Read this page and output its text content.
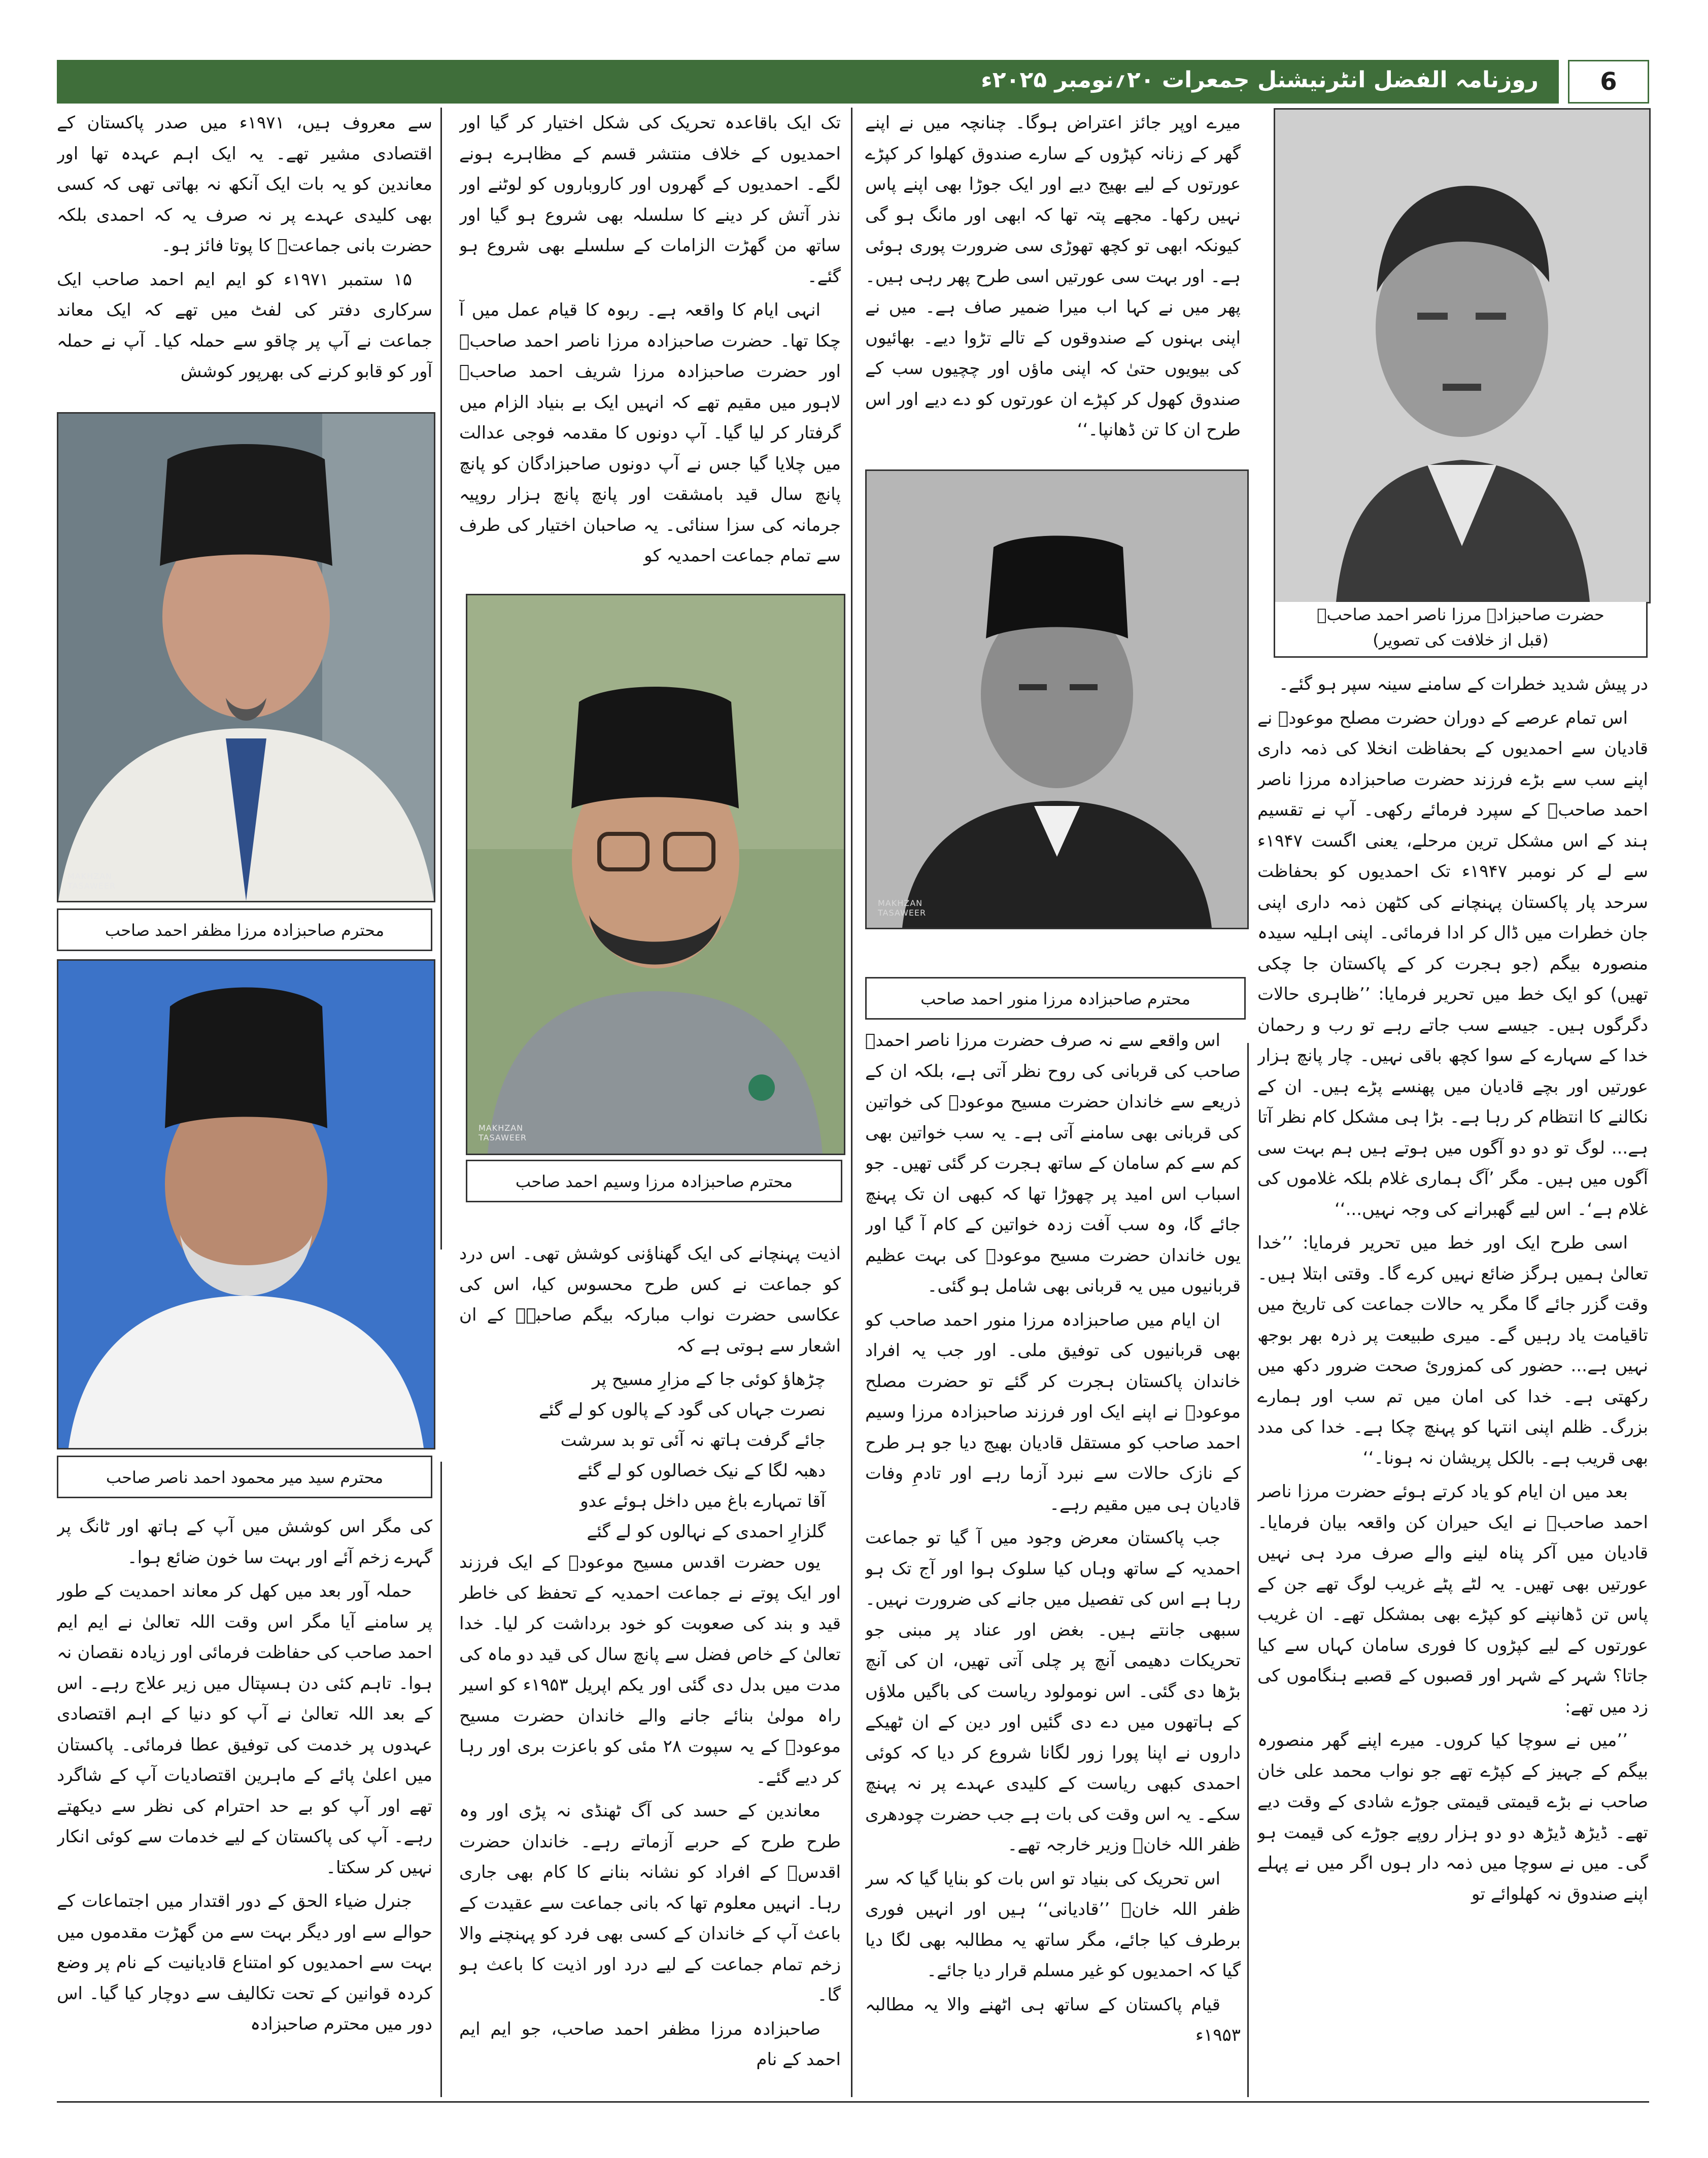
روزنامہ الفضل انٹرنیشنل جمعرات ۲۰؍نومبر ۲۰۲۵ء	6
حضرت صاحبزادہ مرزا ناصر احمد صاحبؒ
(قبل از خلافت کی تصویر)

در پیش شدید خطرات کے سامنے سینہ سپر ہو گئے۔

اس تمام عرصے کے دوران حضرت مصلح موعودؓ نے قادیان سے احمدیوں کے بحفاظت انخلا کی ذمہ داری اپنے سب سے بڑے فرزند حضرت صاحبزادہ مرزا ناصر احمد صاحبؒ کے سپرد فرمائے رکھی۔ آپ نے تقسیم ہند کے اس مشکل ترین مرحلے، یعنی اگست ۱۹۴۷ء سے لے کر نومبر ۱۹۴۷ء تک احمدیوں کو بحفاظت سرحد پار پاکستان پہنچانے کی کٹھن ذمہ داری اپنی جان خطرات میں ڈال کر ادا فرمائی۔ اپنی اہلیہ سیدہ منصورہ بیگم (جو ہجرت کر کے پاکستان جا چکی تھیں) کو ایک خط میں تحریر فرمایا: ’’ظاہری حالات دگرگوں ہیں۔ جیسے سب جاتے رہے تو رب و رحمان خدا کے سہارے کے سوا کچھ باقی نہیں۔ چار پانچ ہزار عورتیں اور بچے قادیان میں پھنسے پڑے ہیں۔ ان کے نکالنے کا انتظام کر رہا ہے۔ بڑا ہی مشکل کام نظر آتا ہے... لوگ تو دو دو آگوں میں ہوتے ہیں ہم بہت سی آگوں میں ہیں۔ مگر ’آگ ہماری غلام بلکہ غلاموں کی غلام ہے‘۔ اس لیے گھبرانے کی وجہ نہیں...‘‘

اسی طرح ایک اور خط میں تحریر فرمایا: ’’خدا تعالیٰ ہمیں ہرگز ضائع نہیں کرے گا۔ وقتی ابتلا ہیں۔ وقت گزر جائے گا مگر یہ حالات جماعت کی تاریخ میں تاقیامت یاد رہیں گے۔ میری طبیعت پر ذرہ بھر بوجھ نہیں ہے... حضور کی کمزوریٔ صحت ضرور دکھ میں رکھتی ہے۔ خدا کی امان میں تم سب اور ہمارے بزرگ۔ ظلم اپنی انتہا کو پہنچ چکا ہے۔ خدا کی مدد بھی قریب ہے۔ بالکل پریشان نہ ہونا۔‘‘

بعد میں ان ایام کو یاد کرتے ہوئے حضرت مرزا ناصر احمد صاحبؒ نے ایک حیران کن واقعہ بیان فرمایا۔ قادیان میں آکر پناہ لینے والے صرف مرد ہی نہیں عورتیں بھی تھیں۔ یہ لٹے پٹے غریب لوگ تھے جن کے پاس تن ڈھانپنے کو کپڑے بھی بمشکل تھے۔ ان غریب عورتوں کے لیے کپڑوں کا فوری سامان کہاں سے کیا جاتا؟ شہر کے شہر اور قصبوں کے قصبے ہنگاموں کی زد میں تھے:

’’میں نے سوچا کیا کروں۔ میرے اپنے گھر منصورہ بیگم کے جہیز کے کپڑے تھے جو نواب محمد علی خان صاحب نے بڑے قیمتی قیمتی جوڑے شادی کے وقت دیے تھے۔ ڈیڑھ ڈیڑھ دو دو ہزار روپے جوڑے کی قیمت ہو گی۔ میں نے سوچا میں ذمہ دار ہوں اگر میں نے پہلے اپنے صندوق نہ کھلوائے تو

میرے اوپر جائز اعتراض ہوگا۔ چنانچہ میں نے اپنے گھر کے زنانہ کپڑوں کے سارے صندوق کھلوا کر کپڑے عورتوں کے لیے بھیج دیے اور ایک جوڑا بھی اپنے پاس نہیں رکھا۔ مجھے پتہ تھا کہ ابھی اور مانگ ہو گی کیونکہ ابھی تو کچھ تھوڑی سی ضرورت پوری ہوئی ہے۔ اور بہت سی عورتیں اسی طرح پھر رہی ہیں۔ پھر میں نے کہا اب میرا ضمیر صاف ہے۔ میں نے اپنی بہنوں کے صندوقوں کے تالے تڑوا دیے۔ بھائیوں کی بیویوں حتیٰ کہ اپنی ماؤں اور چچیوں سب کے صندوق کھول کر کپڑے ان عورتوں کو دے دیے اور اس طرح ان کا تن ڈھانپا۔‘‘

MAKHZAN
TASAWEER
محترم صاحبزادہ مرزا منور احمد صاحب

اس واقعے سے نہ صرف حضرت مرزا ناصر احمدؒ صاحب کی قربانی کی روح نظر آتی ہے، بلکہ ان کے ذریعے سے خاندان حضرت مسیح موعودؑ کی خواتین کی قربانی بھی سامنے آتی ہے۔ یہ سب خواتین بھی کم سے کم سامان کے ساتھ ہجرت کر گئی تھیں۔ جو اسباب اس امید پر چھوڑا تھا کہ کبھی ان تک پہنچ جائے گا، وہ سب آفت زدہ خواتین کے کام آ گیا اور یوں خاندان حضرت مسیح موعودؑ کی بہت عظیم قربانیوں میں یہ قربانی بھی شامل ہو گئی۔

ان ایام میں صاحبزادہ مرزا منور احمد صاحب کو بھی قربانیوں کی توفیق ملی۔ اور جب یہ افراد خاندان پاکستان ہجرت کر گئے تو حضرت مصلح موعودؓ نے اپنے ایک اور فرزند صاحبزادہ مرزا وسیم احمد صاحب کو مستقل قادیان بھیج دیا جو ہر طرح کے نازک حالات سے نبرد آزما رہے اور تادمِ وفات قادیان ہی میں مقیم رہے۔

جب پاکستان معرض وجود میں آ گیا تو جماعت احمدیہ کے ساتھ وہاں کیا سلوک ہوا اور آج تک ہو رہا ہے اس کی تفصیل میں جانے کی ضرورت نہیں۔ سبھی جانتے ہیں۔ بغض اور عناد پر مبنی جو تحریکات دھیمی آنچ پر چلی آتی تھیں، ان کی آنچ بڑھا دی گئی۔ اس نومولود ریاست کی باگیں ملاؤں کے ہاتھوں میں دے دی گئیں اور دین کے ان ٹھیکے داروں نے اپنا پورا زور لگانا شروع کر دیا کہ کوئی احمدی کبھی ریاست کے کلیدی عہدے پر نہ پہنچ سکے۔ یہ اس وقت کی بات ہے جب حضرت چودھری ظفر اللہ خانؓ وزیر خارجہ تھے۔

اس تحریک کی بنیاد تو اس بات کو بنایا گیا کہ سر ظفر اللہ خانؓ ’’قادیانی‘‘ ہیں اور انہیں فوری برطرف کیا جائے، مگر ساتھ یہ مطالبہ بھی لگا دیا گیا کہ احمدیوں کو غیر مسلم قرار دیا جائے۔

قیام پاکستان کے ساتھ ہی اٹھنے والا یہ مطالبہ ۱۹۵۳ء

تک ایک باقاعدہ تحریک کی شکل اختیار کر گیا اور احمدیوں کے خلاف منتشر قسم کے مظاہرے ہونے لگے۔ احمدیوں کے گھروں اور کاروباروں کو لوٹنے اور نذر آتش کر دینے کا سلسلہ بھی شروع ہو گیا اور ساتھ من گھڑت الزامات کے سلسلے بھی شروع ہو گئے۔

انہی ایام کا واقعہ ہے۔ ربوہ کا قیام عمل میں آ چکا تھا۔ حضرت صاحبزادہ مرزا ناصر احمد صاحبؒ اور حضرت صاحبزادہ مرزا شریف احمد صاحبؓ لاہور میں مقیم تھے کہ انہیں ایک بے بنیاد الزام میں گرفتار کر لیا گیا۔ آپ دونوں کا مقدمہ فوجی عدالت میں چلایا گیا جس نے آپ دونوں صاحبزادگان کو پانچ پانچ سال قید بامشقت اور پانچ پانچ ہزار روپیہ جرمانہ کی سزا سنائی۔ یہ صاحبان اختیار کی طرف سے تمام جماعت احمدیہ کو

MAKHZAN
TASAWEER
محترم صاحبزادہ مرزا وسیم احمد صاحب

اذیت پہنچانے کی ایک گھناؤنی کوشش تھی۔ اس درد کو جماعت نے کس طرح محسوس کیا، اس کی عکاسی حضرت نواب مبارکہ بیگم صاحبہؓ کے ان اشعار سے ہوتی ہے کہ

چڑھاؤ کوئی جا کے مزارِ مسیح پر
نصرت جہاں کی گود کے پالوں کو لے گئے
جائے گرفت ہاتھ نہ آئی تو بد سرشت
دھبہ لگا کے نیک خصالوں کو لے گئے
آقا تمہارے باغ میں داخل ہوئے عدو
گلزارِ احمدی کے نہالوں کو لے گئے

یوں حضرت اقدس مسیح موعودؑ کے ایک فرزند اور ایک پوتے نے جماعت احمدیہ کے تحفظ کی خاطر قید و بند کی صعوبت کو خود برداشت کر لیا۔ خدا تعالیٰ کے خاص فضل سے پانچ سال کی قید دو ماہ کی مدت میں بدل دی گئی اور یکم اپریل ۱۹۵۳ء کو اسیر راہ مولیٰ بنائے جانے والے خاندان حضرت مسیح موعودؑ کے یہ سپوت ۲۸ مئی کو باعزت بری اور رہا کر دیے گئے۔

معاندین کے حسد کی آگ ٹھنڈی نہ پڑی اور وہ طرح طرح کے حربے آزماتے رہے۔ خاندان حضرت اقدسؑ کے افراد کو نشانہ بنانے کا کام بھی جاری رہا۔ انہیں معلوم تھا کہ بانی جماعت سے عقیدت کے باعث آپ کے خاندان کے کسی بھی فرد کو پہنچنے والا زخم تمام جماعت کے لیے درد اور اذیت کا باعث ہو گا۔

صاحبزادہ مرزا مظفر احمد صاحب، جو ایم ایم احمد کے نام

سے معروف ہیں، ۱۹۷۱ء میں صدر پاکستان کے اقتصادی مشیر تھے۔ یہ ایک اہم عہدہ تھا اور معاندین کو یہ بات ایک آنکھ نہ بھاتی تھی کہ کسی بھی کلیدی عہدے پر نہ صرف یہ کہ احمدی بلکہ حضرت بانی جماعتؑ کا پوتا فائز ہو۔

۱۵ ستمبر ۱۹۷۱ء کو ایم ایم احمد صاحب ایک سرکاری دفتر کی لفٹ میں تھے کہ ایک معاند جماعت نے آپ پر چاقو سے حملہ کیا۔ آپ نے حملہ آور کو قابو کرنے کی بھرپور کوشش

MAKHZAN
TASAWEER
محترم صاحبزادہ مرزا مظفر احمد صاحب
محترم سید میر محمود احمد ناصر صاحب

کی مگر اس کوشش میں آپ کے ہاتھ اور ٹانگ پر گہرے زخم آئے اور بہت سا خون ضائع ہوا۔

حملہ آور بعد میں کھل کر معاند احمدیت کے طور پر سامنے آیا مگر اس وقت اللہ تعالیٰ نے ایم ایم احمد صاحب کی حفاظت فرمائی اور زیادہ نقصان نہ ہوا۔ تاہم کئی دن ہسپتال میں زیر علاج رہے۔ اس کے بعد اللہ تعالیٰ نے آپ کو دنیا کے اہم اقتصادی عہدوں پر خدمت کی توفیق عطا فرمائی۔ پاکستان میں اعلیٰ پائے کے ماہرین اقتصادیات آپ کے شاگرد تھے اور آپ کو بے حد احترام کی نظر سے دیکھتے رہے۔ آپ کی پاکستان کے لیے خدمات سے کوئی انکار نہیں کر سکتا۔

جنرل ضیاء الحق کے دور اقتدار میں اجتماعات کے حوالے سے اور دیگر بہت سے من گھڑت مقدموں میں بہت سے احمدیوں کو امتناع قادیانیت کے نام پر وضع کردہ قوانین کے تحت تکالیف سے دوچار کیا گیا۔ اس دور میں محترم صاحبزادہ
